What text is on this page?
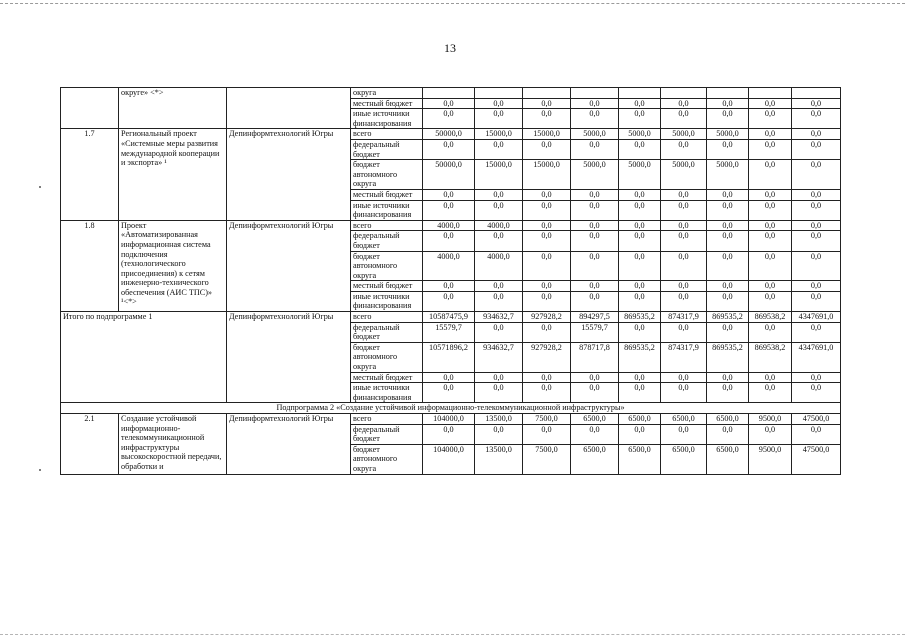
13
	округе» <*>		округа										
			местный бюджет	0,0	0,0	0,0	0,0	0,0	0,0	0,0	0,0	0,0	
			иные источники финансирования	0,0	0,0	0,0	0,0	0,0	0,0	0,0	0,0	0,0	
1.7	Региональный проект «Системные меры развития международной кооперации и экспорта» ¹	Депинформтехнологий Югры	всего	50000,0	15000,0	15000,0	5000,0	5000,0	5000,0	5000,0	0,0	0,0	
			федеральный бюджет	0,0	0,0	0,0	0,0	0,0	0,0	0,0	0,0	0,0	
			бюджет автономного округа	50000,0	15000,0	15000,0	5000,0	5000,0	5000,0	5000,0	0,0	0,0	
			местный бюджет	0,0	0,0	0,0	0,0	0,0	0,0	0,0	0,0	0,0	
			иные источники финансирования	0,0	0,0	0,0	0,0	0,0	0,0	0,0	0,0	0,0	
1.8	Проект «Автоматизированная информационная система подключения (технологического присоединения) к сетям инженерно-технического обеспечения (АИС ТПС)» ¹<*>	Депинформтехнологий Югры	всего	4000,0	4000,0	0,0	0,0	0,0	0,0	0,0	0,0	0,0	
			федеральный бюджет	0,0	0,0	0,0	0,0	0,0	0,0	0,0	0,0	0,0	
			бюджет автономного округа	4000,0	4000,0	0,0	0,0	0,0	0,0	0,0	0,0	0,0	
			местный бюджет	0,0	0,0	0,0	0,0	0,0	0,0	0,0	0,0	0,0	
			иные источники финансирования	0,0	0,0	0,0	0,0	0,0	0,0	0,0	0,0	0,0	
Итого по подпрограмме 1		Депинформтехнологий Югры	всего	10587475,9	934632,7	927928,2	894297,5	869535,2	874317,9	869535,2	869538,2	4347691,0	
			федеральный бюджет	15579,7	0,0	0,0	15579,7	0,0	0,0	0,0	0,0	0,0	
			бюджет автономного округа	10571896,2	934632,7	927928,2	878717,8	869535,2	874317,9	869535,2	869538,2	4347691,0	
			местный бюджет	0,0	0,0	0,0	0,0	0,0	0,0	0,0	0,0	0,0	
			иные источники финансирования	0,0	0,0	0,0	0,0	0,0	0,0	0,0	0,0	0,0	
Подпрограмма 2 «Создание устойчивой информационно-телекоммуникационной инфраструктуры»													
2.1	Создание устойчивой информационно-телекоммуникационной инфраструктуры высокоскоростной передачи, обработки и	Депинформтехнологий Югры	всего	104000,0	13500,0	7500,0	6500,0	6500,0	6500,0	6500,0	9500,0	47500,0	
			федеральный бюджет	0,0	0,0	0,0	0,0	0,0	0,0	0,0	0,0	0,0	
			бюджет автономного округа	104000,0	13500,0	7500,0	6500,0	6500,0	6500,0	6500,0	9500,0	47500,0	
